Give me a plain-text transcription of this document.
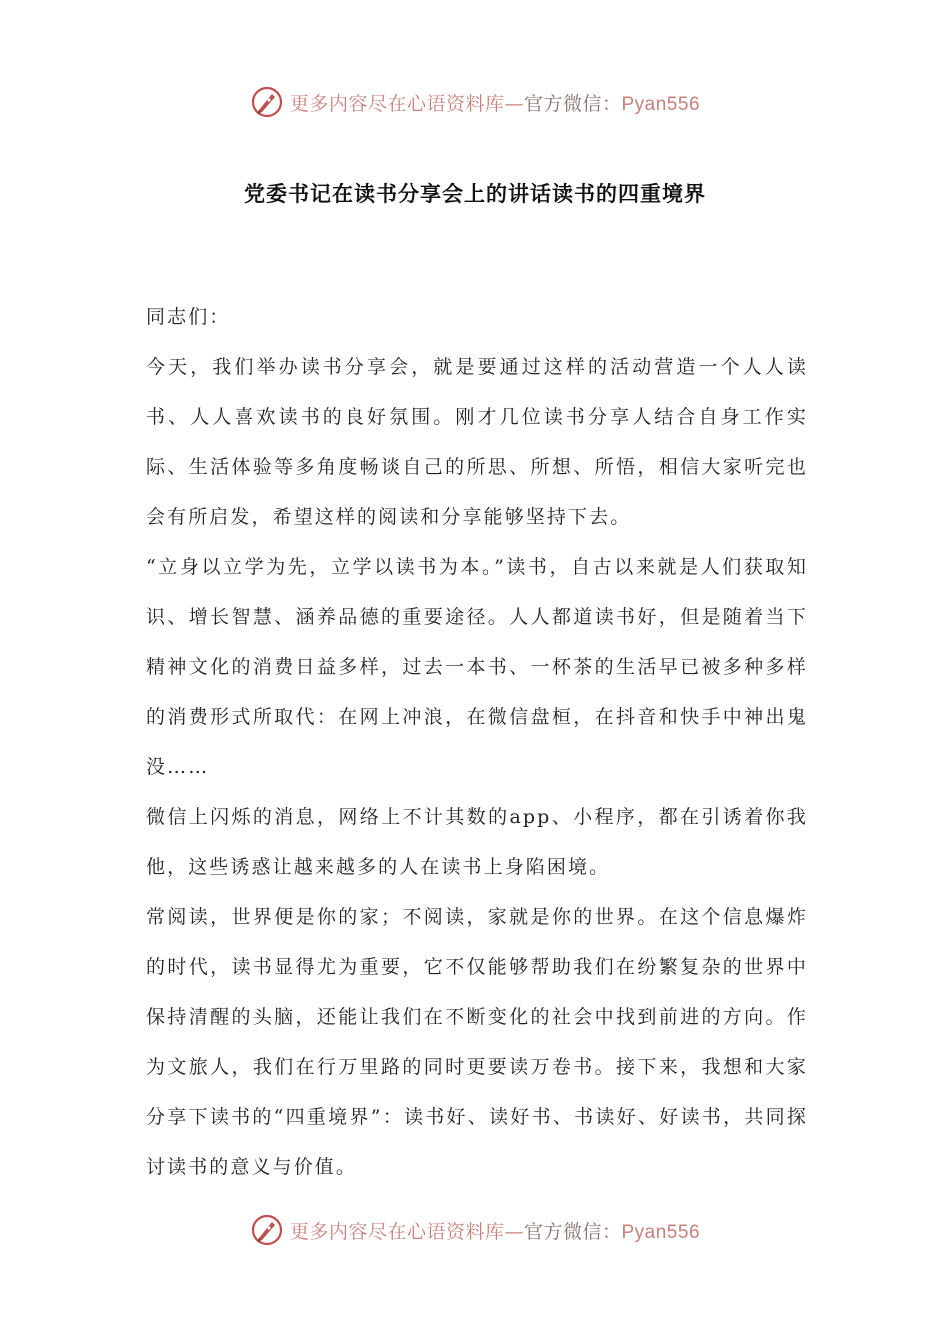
更多内容尽在心语资料库—官方微信：Pyan556
党委书记在读书分享会上的讲话读书的四重境界

同志们：

今天，我们举办读书分享会，就是要通过这样的活动营造一个人人读书、人人喜欢读书的良好氛围。刚才几位读书分享人结合自身工作实际、生活体验等多角度畅谈自己的所思、所想、所悟，相信大家听完也会有所启发，希望这样的阅读和分享能够坚持下去。

“立身以立学为先，立学以读书为本。”读书，自古以来就是人们获取知识、增长智慧、涵养品德的重要途径。人人都道读书好，但是随着当下精神文化的消费日益多样，过去一本书、一杯茶的生活早已被多种多样的消费形式所取代：在网上冲浪，在微信盘桓，在抖音和快手中神出鬼没……

微信上闪烁的消息，网络上不计其数的app、小程序，都在引诱着你我他，这些诱惑让越来越多的人在读书上身陷困境。

常阅读，世界便是你的家；不阅读，家就是你的世界。在这个信息爆炸的时代，读书显得尤为重要，它不仅能够帮助我们在纷繁复杂的世界中保持清醒的头脑，还能让我们在不断变化的社会中找到前进的方向。作为文旅人，我们在行万里路的同时更要读万卷书。接下来，我想和大家分享下读书的“四重境界”：读书好、读好书、书读好、好读书，共同探讨读书的意义与价值。

更多内容尽在心语资料库—官方微信：Pyan556
